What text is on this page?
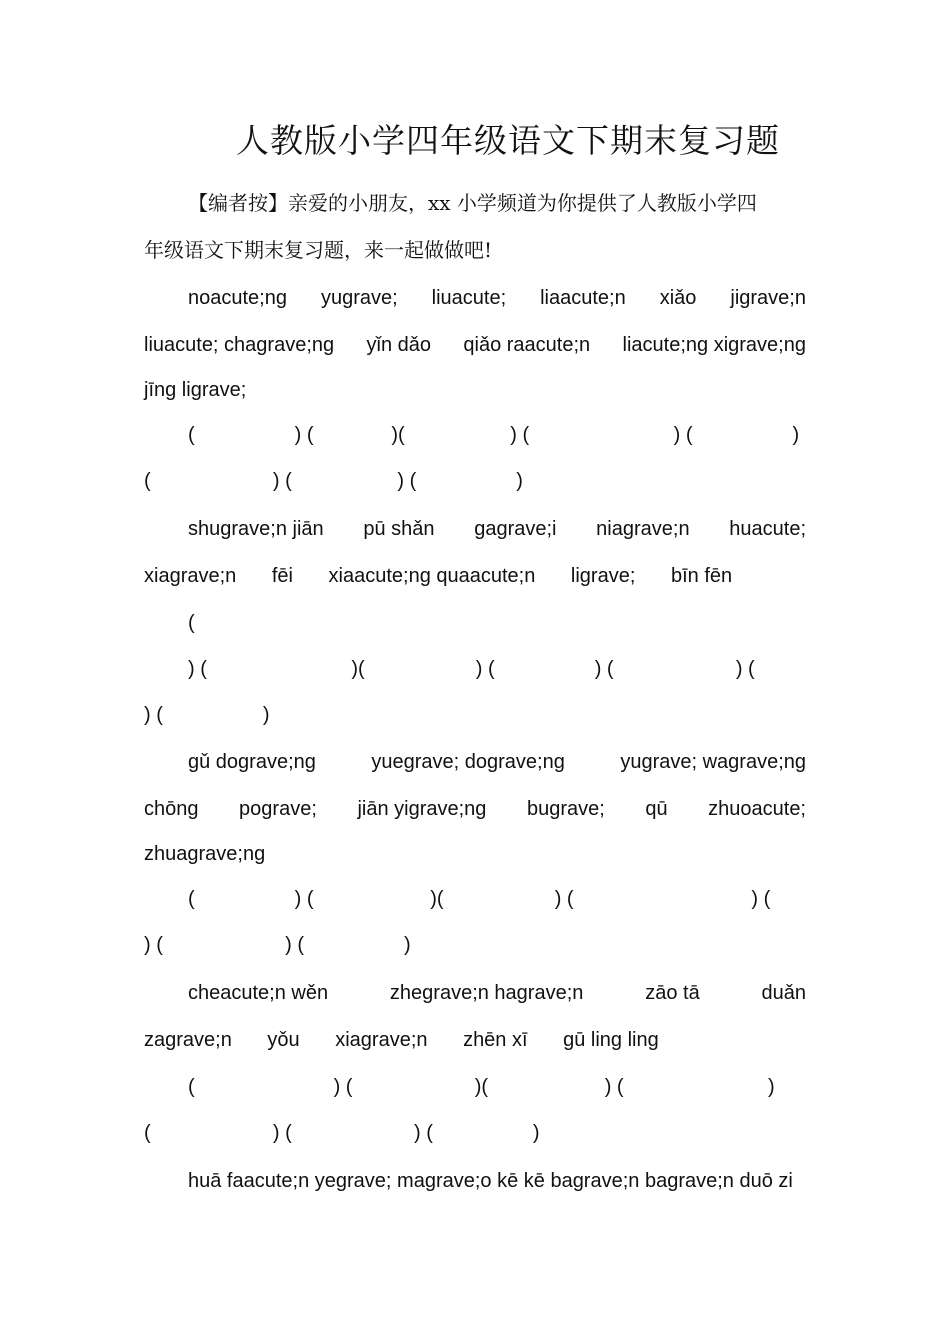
人教版小学四年级语文下期末复习题
【编者按】亲爱的小朋友，xx 小学频道为你提供了人教版小学四
年级语文下期末复习题，来一起做做吧!
noacute;ng yugrave; liuacute; liaacute;n xiǎo jigrave;n
liuacute; chagrave;ng yǐn dǎo qiǎo raacute;n liacute;ng xigrave;ng
jīng ligrave;
(                  ) (              )(                   ) (                          ) (                  )
(                      ) (                   ) (                  )
shugrave;n jiān pū shǎn gagrave;i niagrave;n huacute;
xiagrave;n fēi xiaacute;ng quaacute;n ligrave; bīn fēn
(
) (                          )(                    ) (                  ) (                      ) (
) (                  )
gǔ dograve;ng	yuegrave; dograve;ng	yugrave; wagrave;ng
chōng pograve; jiān yigrave;ng bugrave; qū zhuoacute;
zhuagrave;ng
(                  ) (                     )(                    ) (                                ) (
) (                      ) (                  )
cheacute;n wěn	zhegrave;n hagrave;n	zāo tā	duǎn
zagrave;n yǒu xiagrave;n zhēn xī gū ling ling
(                         ) (                      )(                     ) (                          )
(                      ) (                      ) (                  )
huā faacute;n yegrave; magrave;o kē kē bagrave;n bagrave;n duō zi
